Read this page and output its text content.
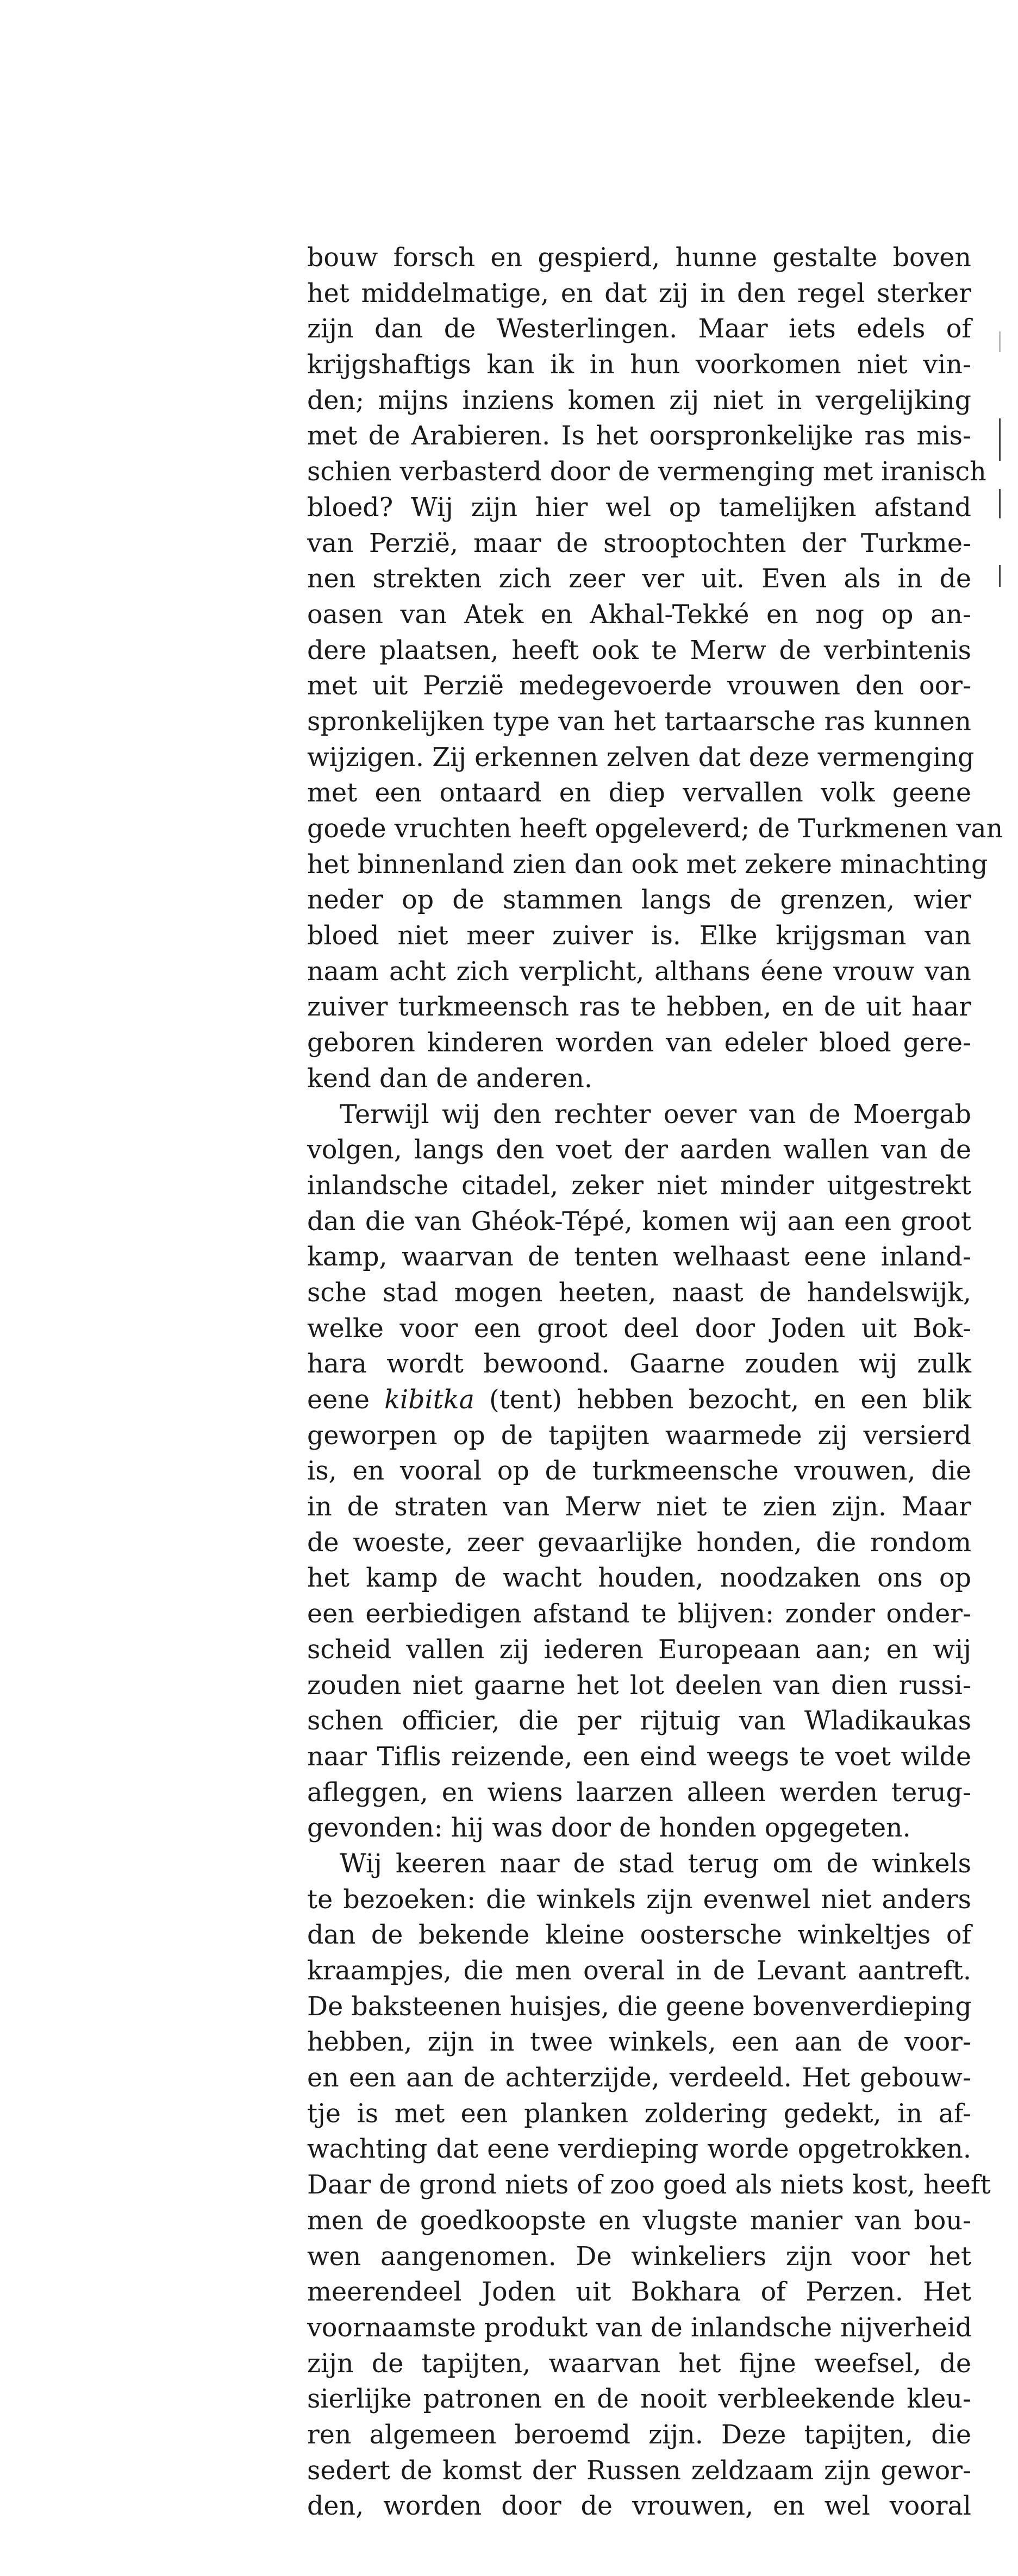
bouw forsch en gespierd, hunne gestalte boven
het middelmatige, en dat zij in den regel sterker
zijn dan de Westerlingen. Maar iets edels of
krijgshaftigs kan ik in hun voorkomen niet vin-
den; mijns inziens komen zij niet in vergelijking
met de Arabieren. Is het oorspronkelijke ras mis-
schien verbasterd door de vermenging met iranisch
bloed? Wij zijn hier wel op tamelijken afstand
van Perzië, maar de strooptochten der Turkme-
nen strekten zich zeer ver uit. Even als in de
oasen van Atek en Akhal-Tekké en nog op an-
dere plaatsen, heeft ook te Merw de verbintenis
met uit Perzië medegevoerde vrouwen den oor-
spronkelijken type van het tartaarsche ras kunnen
wijzigen. Zij erkennen zelven dat deze vermenging
met een ontaard en diep vervallen volk geene
goede vruchten heeft opgeleverd; de Turkmenen van
het binnenland zien dan ook met zekere minachting
neder op de stammen langs de grenzen, wier
bloed niet meer zuiver is. Elke krijgsman van
naam acht zich verplicht, althans éene vrouw van
zuiver turkmeensch ras te hebben, en de uit haar
geboren kinderen worden van edeler bloed gere-
kend dan de anderen.
Terwijl wij den rechter oever van de Moergab
volgen, langs den voet der aarden wallen van de
inlandsche citadel, zeker niet minder uitgestrekt
dan die van Ghéok-Tépé, komen wij aan een groot
kamp, waarvan de tenten welhaast eene inland-
sche stad mogen heeten, naast de handelswijk,
welke voor een groot deel door Joden uit Bok-
hara wordt bewoond. Gaarne zouden wij zulk
eene kibitka (tent) hebben bezocht, en een blik
geworpen op de tapijten waarmede zij versierd
is, en vooral op de turkmeensche vrouwen, die
in de straten van Merw niet te zien zijn. Maar
de woeste, zeer gevaarlijke honden, die rondom
het kamp de wacht houden, noodzaken ons op
een eerbiedigen afstand te blijven: zonder onder-
scheid vallen zij iederen Europeaan aan; en wij
zouden niet gaarne het lot deelen van dien russi-
schen officier, die per rijtuig van Wladikaukas
naar Tiflis reizende, een eind weegs te voet wilde
afleggen, en wiens laarzen alleen werden terug-
gevonden: hij was door de honden opgegeten.
Wij keeren naar de stad terug om de winkels
te bezoeken: die winkels zijn evenwel niet anders
dan de bekende kleine oostersche winkeltjes of
kraampjes, die men overal in de Levant aantreft.
De baksteenen huisjes, die geene bovenverdieping
hebben, zijn in twee winkels, een aan de voor-
en een aan de achterzijde, verdeeld. Het gebouw-
tje is met een planken zoldering gedekt, in af-
wachting dat eene verdieping worde opgetrokken.
Daar de grond niets of zoo goed als niets kost, heeft
men de goedkoopste en vlugste manier van bou-
wen aangenomen. De winkeliers zijn voor het
meerendeel Joden uit Bokhara of Perzen. Het
voornaamste produkt van de inlandsche nijverheid
zijn de tapijten, waarvan het fijne weefsel, de
sierlijke patronen en de nooit verbleekende kleu-
ren algemeen beroemd zijn. Deze tapijten, die
sedert de komst der Russen zeldzaam zijn gewor-
den, worden door de vrouwen, en wel vooral
